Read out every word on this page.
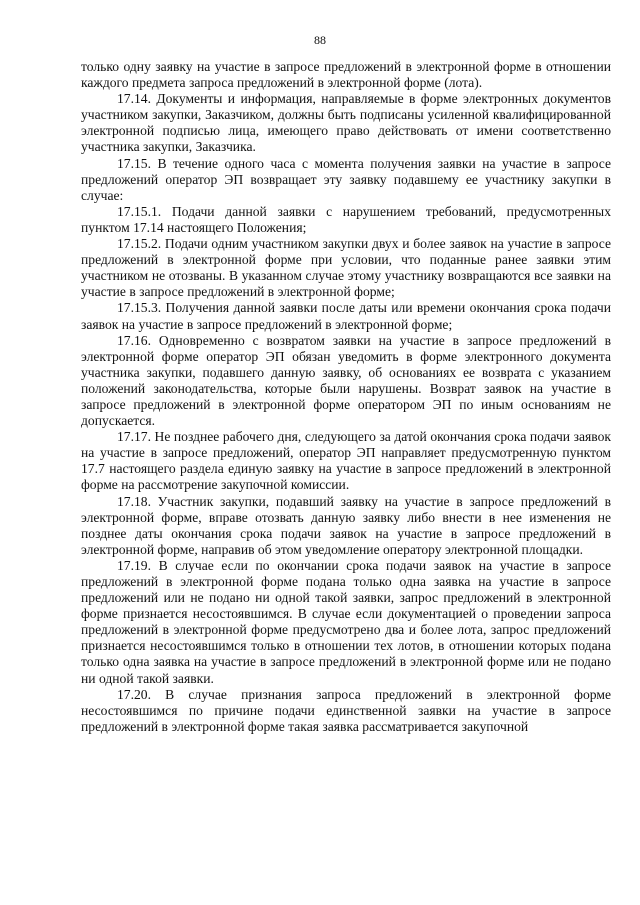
88

только одну заявку на участие в запросе предложений в электронной форме в отношении каждого предмета запроса предложений в электронной форме (лота).

17.14. Документы и информация, направляемые в форме электронных документов участником закупки, Заказчиком, должны быть подписаны усиленной квалифицированной электронной подписью лица, имеющего право действовать от имени соответственно участника закупки, Заказчика.

17.15. В течение одного часа с момента получения заявки на участие в запросе предложений оператор ЭП возвращает эту заявку подавшему ее участнику закупки в случае:

17.15.1. Подачи данной заявки с нарушением требований, предусмотренных пунктом 17.14 настоящего Положения;

17.15.2. Подачи одним участником закупки двух и более заявок на участие в запросе предложений в электронной форме при условии, что поданные ранее заявки этим участником не отозваны. В указанном случае этому участнику возвращаются все заявки на участие в запросе предложений в электронной форме;

17.15.3. Получения данной заявки после даты или времени окончания срока подачи заявок на участие в запросе предложений в электронной форме;

17.16. Одновременно с возвратом заявки на участие в запросе предложений в электронной форме оператор ЭП обязан уведомить в форме электронного документа участника закупки, подавшего данную заявку, об основаниях ее возврата с указанием положений законодательства, которые были нарушены. Возврат заявок на участие в запросе предложений в электронной форме оператором ЭП по иным основаниям не допускается.

17.17. Не позднее рабочего дня, следующего за датой окончания срока подачи заявок на участие в запросе предложений, оператор ЭП направляет предусмотренную пунктом 17.7 настоящего раздела единую заявку на участие в запросе предложений в электронной форме на рассмотрение закупочной комиссии.

17.18. Участник закупки, подавший заявку на участие в запросе предложений в электронной форме, вправе отозвать данную заявку либо внести в нее изменения не позднее даты окончания срока подачи заявок на участие в запросе предложений в электронной форме, направив об этом уведомление оператору электронной площадки.

17.19. В случае если по окончании срока подачи заявок на участие в запросе предложений в электронной форме подана только одна заявка на участие в запросе предложений или не подано ни одной такой заявки, запрос предложений в электронной форме признается несостоявшимся. В случае если документацией о проведении запроса предложений в электронной форме предусмотрено два и более лота, запрос предложений признается несостоявшимся только в отношении тех лотов, в отношении которых подана только одна заявка на участие в запросе предложений в электронной форме или не подано ни одной такой заявки.

17.20. В случае признания запроса предложений в электронной форме несостоявшимся по причине подачи единственной заявки на участие в запросе предложений в электронной форме такая заявка рассматривается закупочной
